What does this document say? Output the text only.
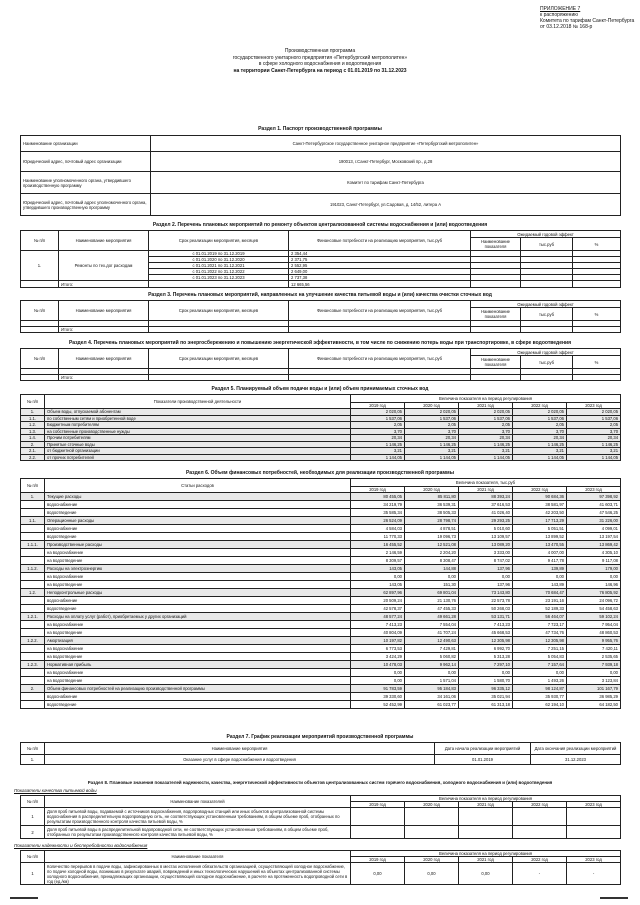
ПРИЛОЖЕНИЕ 7
к распоряжению
Комитета по тарифам Санкт-Петербурга
от 03.12.2018 № 168-р
Производственная программа
государственного унитарного предприятия «Петербургский метрополитен»
в сфере холодного водоснабжения и водоотведения
на территории Санкт-Петербурга на период с 01.01.2019 по 31.12.2023
Раздел 1. Паспорт производственной программы
Наименование организации	Санкт-Петербургское государственное унитарное предприятие «Петербургский метрополитен»
Юридический адрес, почтовый адрес организации	190013, г.Санкт-Петербург, Московский пр., д.28
Наименование уполномоченного органа, утвердившего производственную программу	Комитет по тарифам Санкт-Петербурга
Юридический адрес, почтовый адрес уполномоченного органа, утвердившего производственную программу	191023, Санкт-Петербург, ул.Садовая, д. 14/52, литера А
Раздел 2. Перечень плановых мероприятий по ремонту объектов централизованной системы водоснабжения и (или) водоотведения
№ п/п	Наименование мероприятия	Срок реализации мероприятия, месяцев	Финансовые потребности на реализацию мероприятия, тыс.руб	Ожидаемый годовой эффект		
				Наименование показателя	тыс.руб	%
1.	Ремонты по тех.дог расходам	с 01.01.2019 по 31.12.2019	2 354,44			
		с 01.01.2020 по 31.12.2020	2 371,75			
		с 01.01.2021 по 31.12.2021	2 552,95			
		с 01.01.2022 по 31.12.2022	2 649,00			
		с 01.01.2023 по 31.12.2023	2 737,38			
	Итого:		12 665,56			
Раздел 3. Перечень плановых мероприятий, направленных на улучшение качества питьевой воды и (или) качества очистки сточных вод
№ п/п	Наименование мероприятия	Срок реализации мероприятия, месяцев	Финансовые потребности на реализацию мероприятия, тыс.руб	Ожидаемый годовой эффект		
				Наименование показателя	тыс.руб	%

	Итого:					
Раздел 4. Перечень плановых мероприятий по энергосбережению и повышению энергетической эффективности, в том числе по снижению потерь воды при транспортировке, в сфере водоотведения
№ п/п	Наименование мероприятия	Срок реализации мероприятия, месяцев	Финансовые потребности на реализацию мероприятия, тыс.руб	Ожидаемый годовой эффект		
				Наименование показателя	тыс.руб	%

	Итого:					
Раздел 5. Планируемый объем подачи воды и (или) объем принимаемых сточных вод
№ п/п	Показатели производственной деятельности	Величина показателя на период регулирования				
		2019 год	2020 год	2021 год	2022 год	2023 год
1.	Объем воды, отпускаемой абонентам	2 020,05	2 020,05	2 020,05	2 020,05	2 020,05
1.1.	по собственным сетям и приобретенной воде	1 537,06	1 537,06	1 537,06	1 537,06	1 537,06
1.2.	Бюджетным потребителям	2,05	2,05	2,05	2,05	2,05
1.3.	на собственные производственные нужды	3,70	3,70	3,70	3,70	3,70
1.4.	Прочим потребителям	20,34	20,34	20,34	20,34	20,34
2.	Принятые сточные воды	1 146,25	1 146,25	1 146,25	1 146,25	1 146,25
2.1.	от бюджетной организации	3,21	3,21	3,21	3,21	3,21
2.2.	от прочих потребителей	1 144,05	1 144,05	1 144,05	1 144,05	1 144,05
Раздел 6. Объем финансовых потребностей, необходимых для реализации производственной программы
№ п/п	Статьи расходов	Величина показателя, тыс.руб				
		2019 год	2020 год	2021 год	2022 год	2023 год
1.	Текущие расходы	80 455,05	85 811,80	88 393,24	90 684,36	97 398,92
	водоснабжение	34 219,79	36 539,31	37 616,53	38 581,97	41 603,71
	водоотведение	35 585,34	38 505,33	41 026,40	42 203,50	47 546,25
1.1.	Операционные расходы	26 524,09	28 798,74	29 293,25	17 713,29	31 226,00
	водоснабжение	4 584,03	4 878,51	5 010,60	5 051,51	4 099,01
	водоотведение	11 770,33	19 096,73	13 109,57	13 899,52	13 197,54
1.1.1.	Производственные расходы	16 455,52	12 521,08	13 089,20	13 470,55	13 869,42
	на водоснабжение	2 146,59	2 204,20	3 333,00	4 007,00	4 305,10
	на водоотведение	8 309,57	8 308,47	8 747,02	9 417,78	9 117,08
1.1.2.	Расходы на электроэнергию	143,05	144,88	137,96	139,89	179,00
	на водоснабжение	0,00	0,00	0,00	0,00	0,00
	на водоотведение	143,05	151,30	137,96	143,89	146,96
1.2.	Неподконтрольные расходы	62 897,96	69 801,04	73 143,80	70 684,47	76 805,92
	водоснабжение	20 509,24	21 130,76	22 573,78	23 191,16	24 096,72
	водоотведение	42 578,37	47 455,33	50 268,03	52 189,33	54 458,63
1.2.1.	Расходы на оплату услуг (работ), приобретаемых у других организаций	48 577,24	49 661,28	53 131,71	56 464,07	59 102,24
	на водоснабжение	7 413,23	7 554,04	7 413,23	7 723,17	7 954,04
	на водоотведение	40 804,09	41 707,24	45 668,53	47 734,76	48 860,53
1.2.2.	Амортизация	10 197,82	12 490,63	12 305,98	12 305,98	9 955,76
	на водоснабжение	6 773,53	7 429,81	6 992,70	7 251,15	7 420,11
	на водоотведение	3 424,29	5 060,82	5 313,28	5 054,83	2 535,65
1.2.3.	Нормативная прибыль	10 478,03	9 962,14	7 297,10	7 157,64	7 939,18
	на водоснабжение	0,00	0,00	0,00	0,00	0,00
	на водоотведение	0,00	1 571,04	1 580,70	1 493,26	3 123,84
2.	Объем финансовых потребностей на реализацию производственной программы	91 783,59	95 184,83	96 335,12	98 124,87	101 167,79
	водоснабжение	39 330,60	34 161,06	35 021,94	35 930,77	36 985,29
	водоотведение	52 452,99	61 023,77	61 313,18	62 194,10	64 182,50
Раздел 7. График реализации мероприятий производственной программы
№ п/п	Наименование мероприятия	Дата начала реализации мероприятий	Дата окончания реализации мероприятий
1.	Оказание услуг в сфере водоснабжения и водоотведения	01.01.2019	31.12.2023
Раздел 8. Плановые значения показателей надежности, качества, энергетической эффективности объектов централизованных систем горячего водоснабжения, холодного водоснабжения и (или) водоотведения
Показатели качества питьевой воды
№ п/п	Наименование показателей	Величина показателя на период регулирования				
		2019 год	2020 год	2021 год	2022 год	2023 год
1	Доля проб питьевой воды, подаваемой с источников водоснабжения, водопроводных станций или иных объектов централизованной системы водоснабжения в распределительную водопроводную сеть, не соответствующих установленным требованиям, в общем объеме проб, отобранных по результатам производственного контроля качества питьевой воды, %					
2	Доля проб питьевой воды в распределительной водопроводной сети, не соответствующих установленным требованиям, в общем объеме проб, отобранных по результатам производственного контроля качества питьевой воды, %					
Показатели надежности и бесперебойности водоснабжения
№ п/п	Наименование показателя	Величина показателя на период регулирования				
		2019 год	2020 год	2021 год	2022 год	2023 год
1	Количество перерывов в подаче воды, зафиксированных в местах исполнения обязательств организацией, осуществляющей холодное водоснабжение, по подаче холодной воды, возникших в результате аварий, повреждений и иных технологических нарушений на объектах централизованной системы холодного водоснабжения, принадлежащих организации, осуществляющей холодное водоснабжение, в расчете на протяженность водопроводной сети в год (ед./км)	0,00	0,00	0,00	-	-
